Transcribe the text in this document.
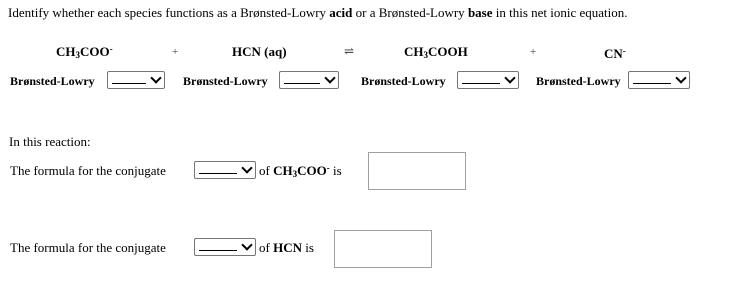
Identify whether each species functions as a Brønsted-Lowry acid or a Brønsted-Lowry base in this net ionic equation.
$CH_3COO^-$	+	HCN (aq)	⇌	$CH_3COOH$	+	CN-
Brønsted-Lowry	Brønsted-Lowry	Brønsted-Lowry	Brønsted-Lowry
In this reaction:
The formula for the conjugate	of $CH_3COO^-$ is
The formula for the conjugate	of HCN is
